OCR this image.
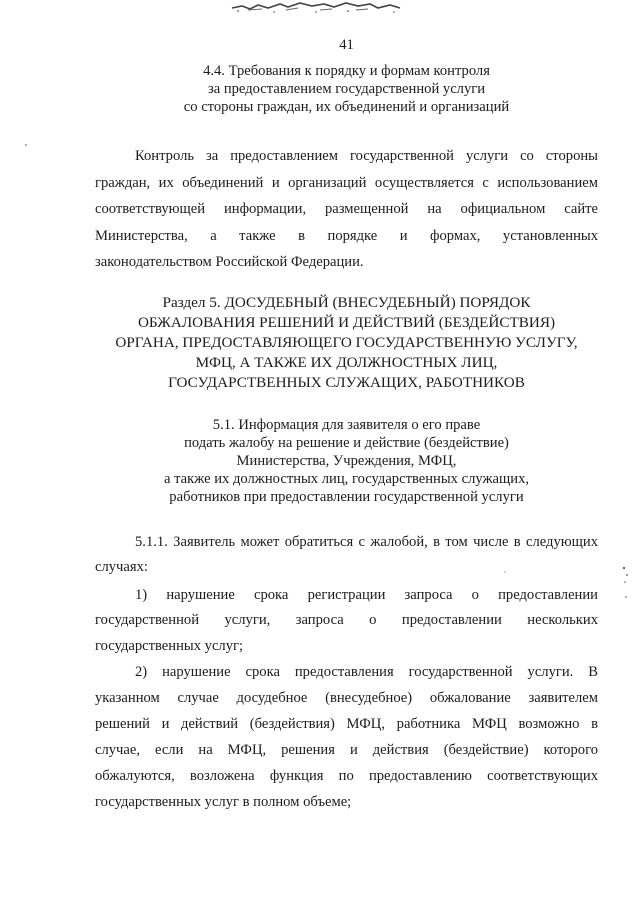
41
4.4. Требования к порядку и формам контроля
за предоставлением государственной услуги
со стороны граждан, их объединений и организаций
Контроль за предоставлением государственной услуги со стороны
граждан, их объединений и организаций осуществляется с использованием
соответствующей информации, размещенной на официальном сайте
Министерства, а также в порядке и формах, установленных
законодательством Российской Федерации.
Раздел 5. ДОСУДЕБНЫЙ (ВНЕСУДЕБНЫЙ) ПОРЯДОК
ОБЖАЛОВАНИЯ РЕШЕНИЙ И ДЕЙСТВИЙ (БЕЗДЕЙСТВИЯ)
ОРГАНА, ПРЕДОСТАВЛЯЮЩЕГО ГОСУДАРСТВЕННУЮ УСЛУГУ,
МФЦ, А ТАКЖЕ ИХ ДОЛЖНОСТНЫХ ЛИЦ,
ГОСУДАРСТВЕННЫХ СЛУЖАЩИХ, РАБОТНИКОВ
5.1. Информация для заявителя о его праве
подать жалобу на решение и действие (бездействие)
Министерства, Учреждения, МФЦ,
а также их должностных лиц, государственных служащих,
работников при предоставлении государственной услуги
5.1.1. Заявитель может обратиться с жалобой, в том числе в следующих
случаях:
1) нарушение срока регистрации запроса о предоставлении
государственной услуги, запроса о предоставлении нескольких
государственных услуг;
2) нарушение срока предоставления государственной услуги. В
указанном случае досудебное (внесудебное) обжалование заявителем
решений и действий (бездействия) МФЦ, работника МФЦ возможно в
случае, если на МФЦ, решения и действия (бездействие) которого
обжалуются, возложена функция по предоставлению соответствующих
государственных услуг в полном объеме;
